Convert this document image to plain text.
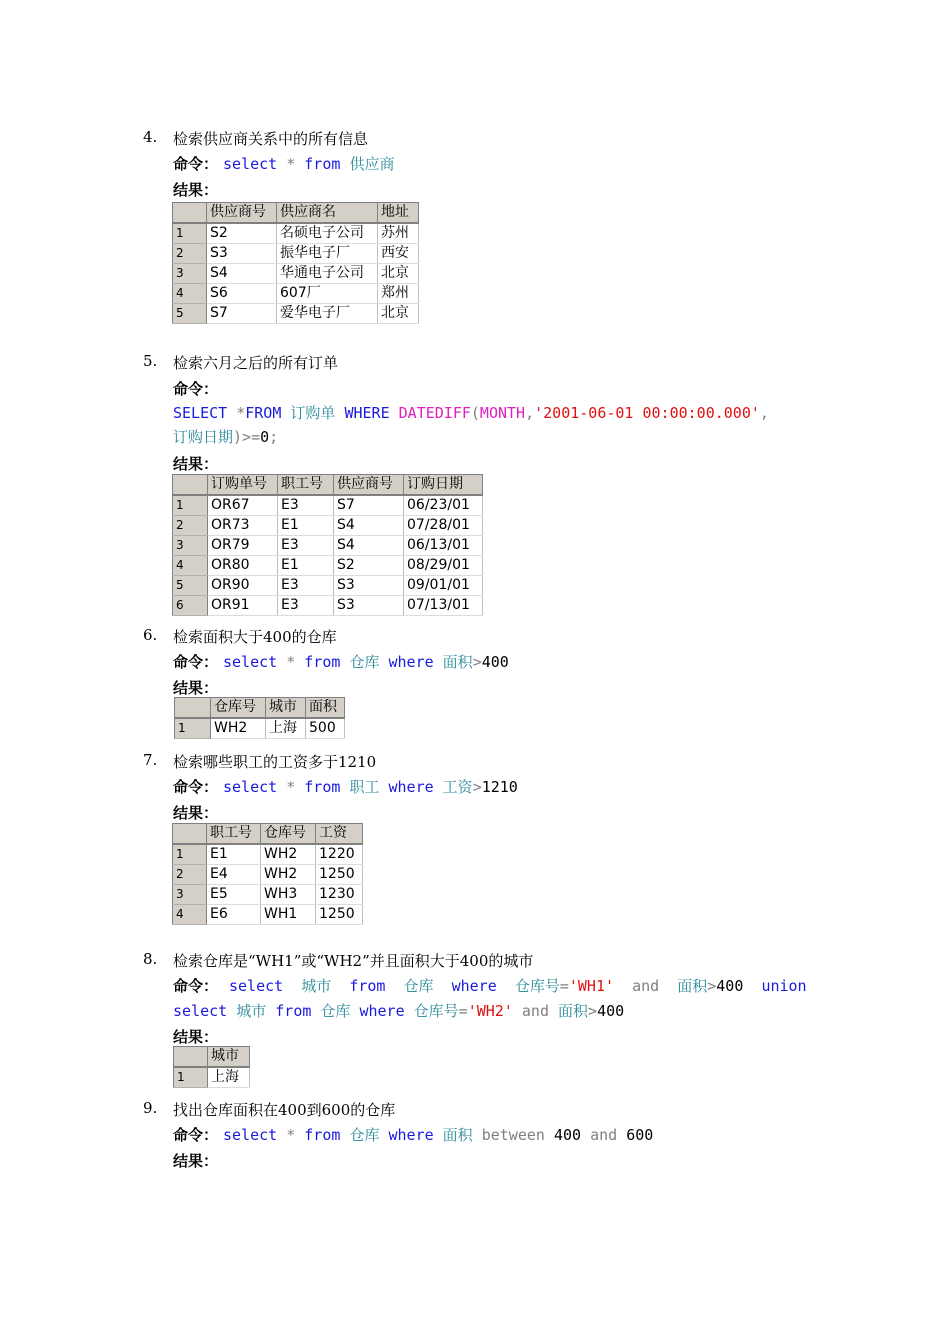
4. 检索供应商关系中的所有信息
命令： select * from 供应商
结果：
	供应商号	供应商名	地址
1	S2	名硕电子公司	苏州
2	S3	振华电子厂	西安
3	S4	华通电子公司	北京
4	S6	607厂	郑州
5	S7	爱华电子厂	北京
5. 检索六月之后的所有订单
命令：
SELECT *FROM 订购单 WHERE DATEDIFF(MONTH,'2001-06-01 00:00:00.000',
订购日期)>=0;
结果：
	订购单号	职工号	供应商号	订购日期
1	OR67	E3	S7	06/23/01
2	OR73	E1	S4	07/28/01
3	OR79	E3	S4	06/13/01
4	OR80	E1	S2	08/29/01
5	OR90	E3	S3	09/01/01
6	OR91	E3	S3	07/13/01
6. 检索面积大于400的仓库
命令： select * from 仓库 where 面积>400
结果：
	仓库号	城市	面积
1	WH2	上海	500
7. 检索哪些职工的工资多于1210
命令： select * from 职工 where 工资>1210
结果：
	职工号	仓库号	工资
1	E1	WH2	1220
2	E4	WH2	1250
3	E5	WH3	1230
4	E6	WH1	1250
8. 检索仓库是“WH1”或“WH2”并且面积大于400的城市
命令： select 城市 from 仓库 where 仓库号='WH1' and 面积>400 union
select 城市 from 仓库 where 仓库号='WH2' and 面积>400
结果：
	城市
1	上海
9. 找出仓库面积在400到600的仓库
命令： select * from 仓库 where 面积 between 400 and 600
结果：
